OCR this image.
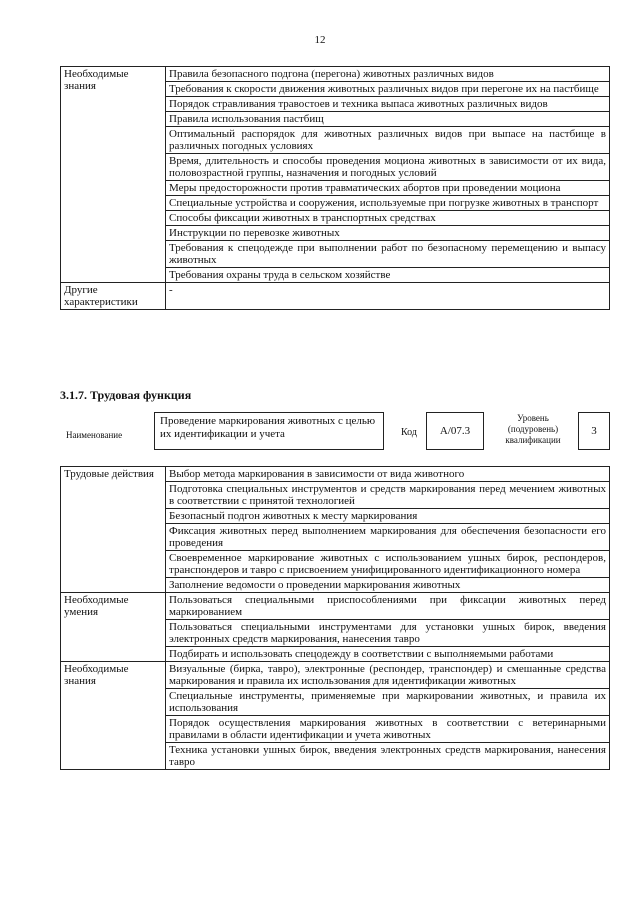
12
Необходимые знания	Правила безопасного подгона (перегона) животных различных видов
	Требования к скорости движения животных различных видов при перегоне их на пастбище
	Порядок стравливания травостоев и техника выпаса животных различных видов
	Правила использования пастбищ
	Оптимальный распорядок для животных различных видов при выпасе на пастбище в различных погодных условиях
	Время, длительность и способы проведения моциона животных в зависимости от их вида, половозрастной группы, назначения и погодных условий
	Меры предосторожности против травматических абортов при проведении моциона
	Специальные устройства и сооружения, используемые при погрузке животных в транспорт
	Способы фиксации животных в транспортных средствах
	Инструкции по перевозке животных
	Требования к спецодежде при выполнении работ по безопасному перемещению и выпасу животных
	Требования охраны труда в сельском хозяйстве
Другие характеристики	-
3.1.7. Трудовая функция
Наименование
Проведение маркирования животных с целью их идентификации и учета	Код A/07.3
Уровень (подуровень) квалификации
3
Трудовые действия	Выбор метода маркирования в зависимости от вида животного
	Подготовка специальных инструментов и средств маркирования перед мечением животных в соответствии с принятой технологией
	Безопасный подгон животных к месту маркирования
	Фиксация животных перед выполнением маркирования для обеспечения безопасности его проведения
	Своевременное маркирование животных с использованием ушных бирок, респондеров, транспондеров и тавро с присвоением унифицированного идентификационного номера
	Заполнение ведомости о проведении маркирования животных
Необходимые умения	Пользоваться специальными приспособлениями при фиксации животных перед маркированием
	Пользоваться специальными инструментами для установки ушных бирок, введения электронных средств маркирования, нанесения тавро
	Подбирать и использовать спецодежду в соответствии с выполняемыми работами
Необходимые знания	Визуальные (бирка, тавро), электронные (респондер, транспондер) и смешанные средства маркирования и правила их использования для идентификации животных
	Специальные инструменты, применяемые при маркировании животных, и правила их использования
	Порядок осуществления маркирования животных в соответствии с ветеринарными правилами в области идентификации и учета животных
	Техника установки ушных бирок, введения электронных средств маркирования, нанесения тавро
